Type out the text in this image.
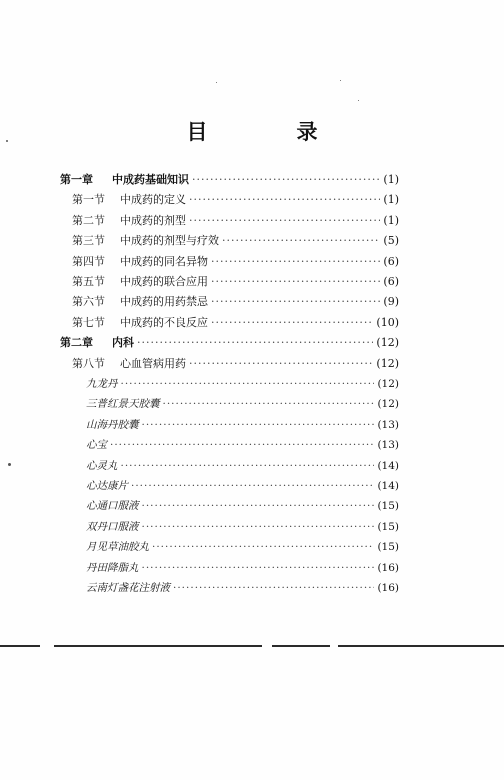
目　录
第一章	中成药基础知识 ·····	(1)
第一节	中成药的定义 ·····	(1)
第二节	中成药的剂型 ·····	(1)
第三节	中成药的剂型与疗效 ·····	(5)
第四节	中成药的同名异物 ·····	(6)
第五节	中成药的联合应用 ·····	(6)
第六节	中成药的用药禁忌 ·····	(9)
第七节	中成药的不良反应 ·····	(10)
第二章	内科 ·····	(12)
第八节	心血管病用药 ·····	(12)
九龙丹 ·····	(12)
三普红景天胶囊 ·····	(12)
山海丹胶囊 ·····	(13)
心宝 ·····	(13)
心灵丸 ·····	(14)
心达康片 ·····	(14)
心通口服液 ·····	(15)
双丹口服液 ·····	(15)
月见草油胶丸 ·····	(15)
丹田降脂丸 ·····	(16)
云南灯盏花注射液 ·····	(16)
